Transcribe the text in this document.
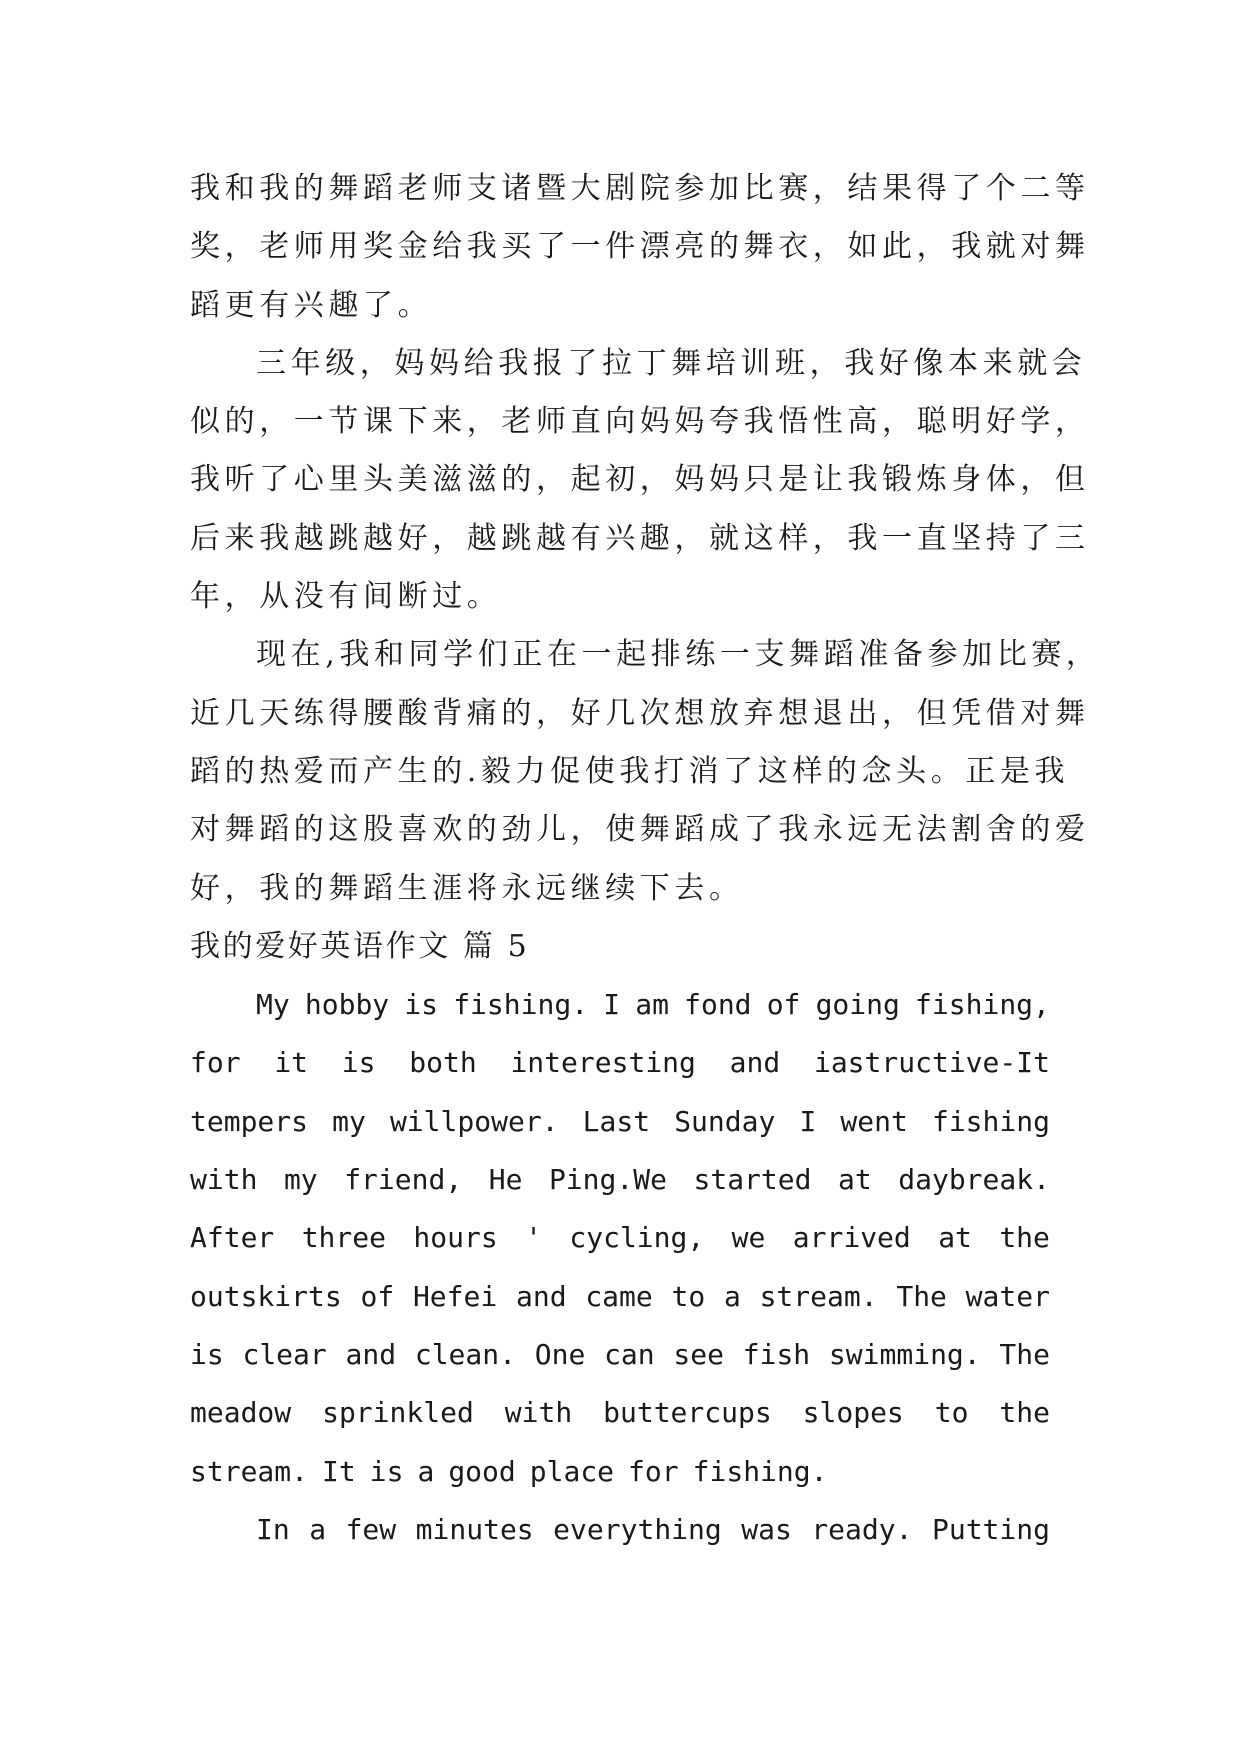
我和我的舞蹈老师支诸暨大剧院参加比赛，结果得了个二等
奖，老师用奖金给我买了一件漂亮的舞衣，如此，我就对舞
蹈更有兴趣了。
三年级，妈妈给我报了拉丁舞培训班，我好像本来就会
似的，一节课下来，老师直向妈妈夸我悟性高，聪明好学，
我听了心里头美滋滋的，起初，妈妈只是让我锻炼身体，但
后来我越跳越好，越跳越有兴趣，就这样，我一直坚持了三
年，从没有间断过。
现在,我和同学们正在一起排练一支舞蹈准备参加比赛，
近几天练得腰酸背痛的，好几次想放弃想退出，但凭借对舞
蹈的热爱而产生的.毅力促使我打消了这样的念头。正是我
对舞蹈的这股喜欢的劲儿，使舞蹈成了我永远无法割舍的爱
好，我的舞蹈生涯将永远继续下去。
我的爱好英语作文 篇 5
My hobby is fishing. I am fond of going fishing,
for it is both interesting and iastructive-It
tempers my willpower. Last Sunday I went fishing
with my friend, He Ping.We started at daybreak.
After three hours ' cycling, we arrived at the
outskirts of Hefei and came to a stream. The water
is clear and clean. One can see fish swimming. The
meadow sprinkled with buttercups slopes to the
stream. It is a good place for fishing.
In a few minutes everything was ready. Putting
